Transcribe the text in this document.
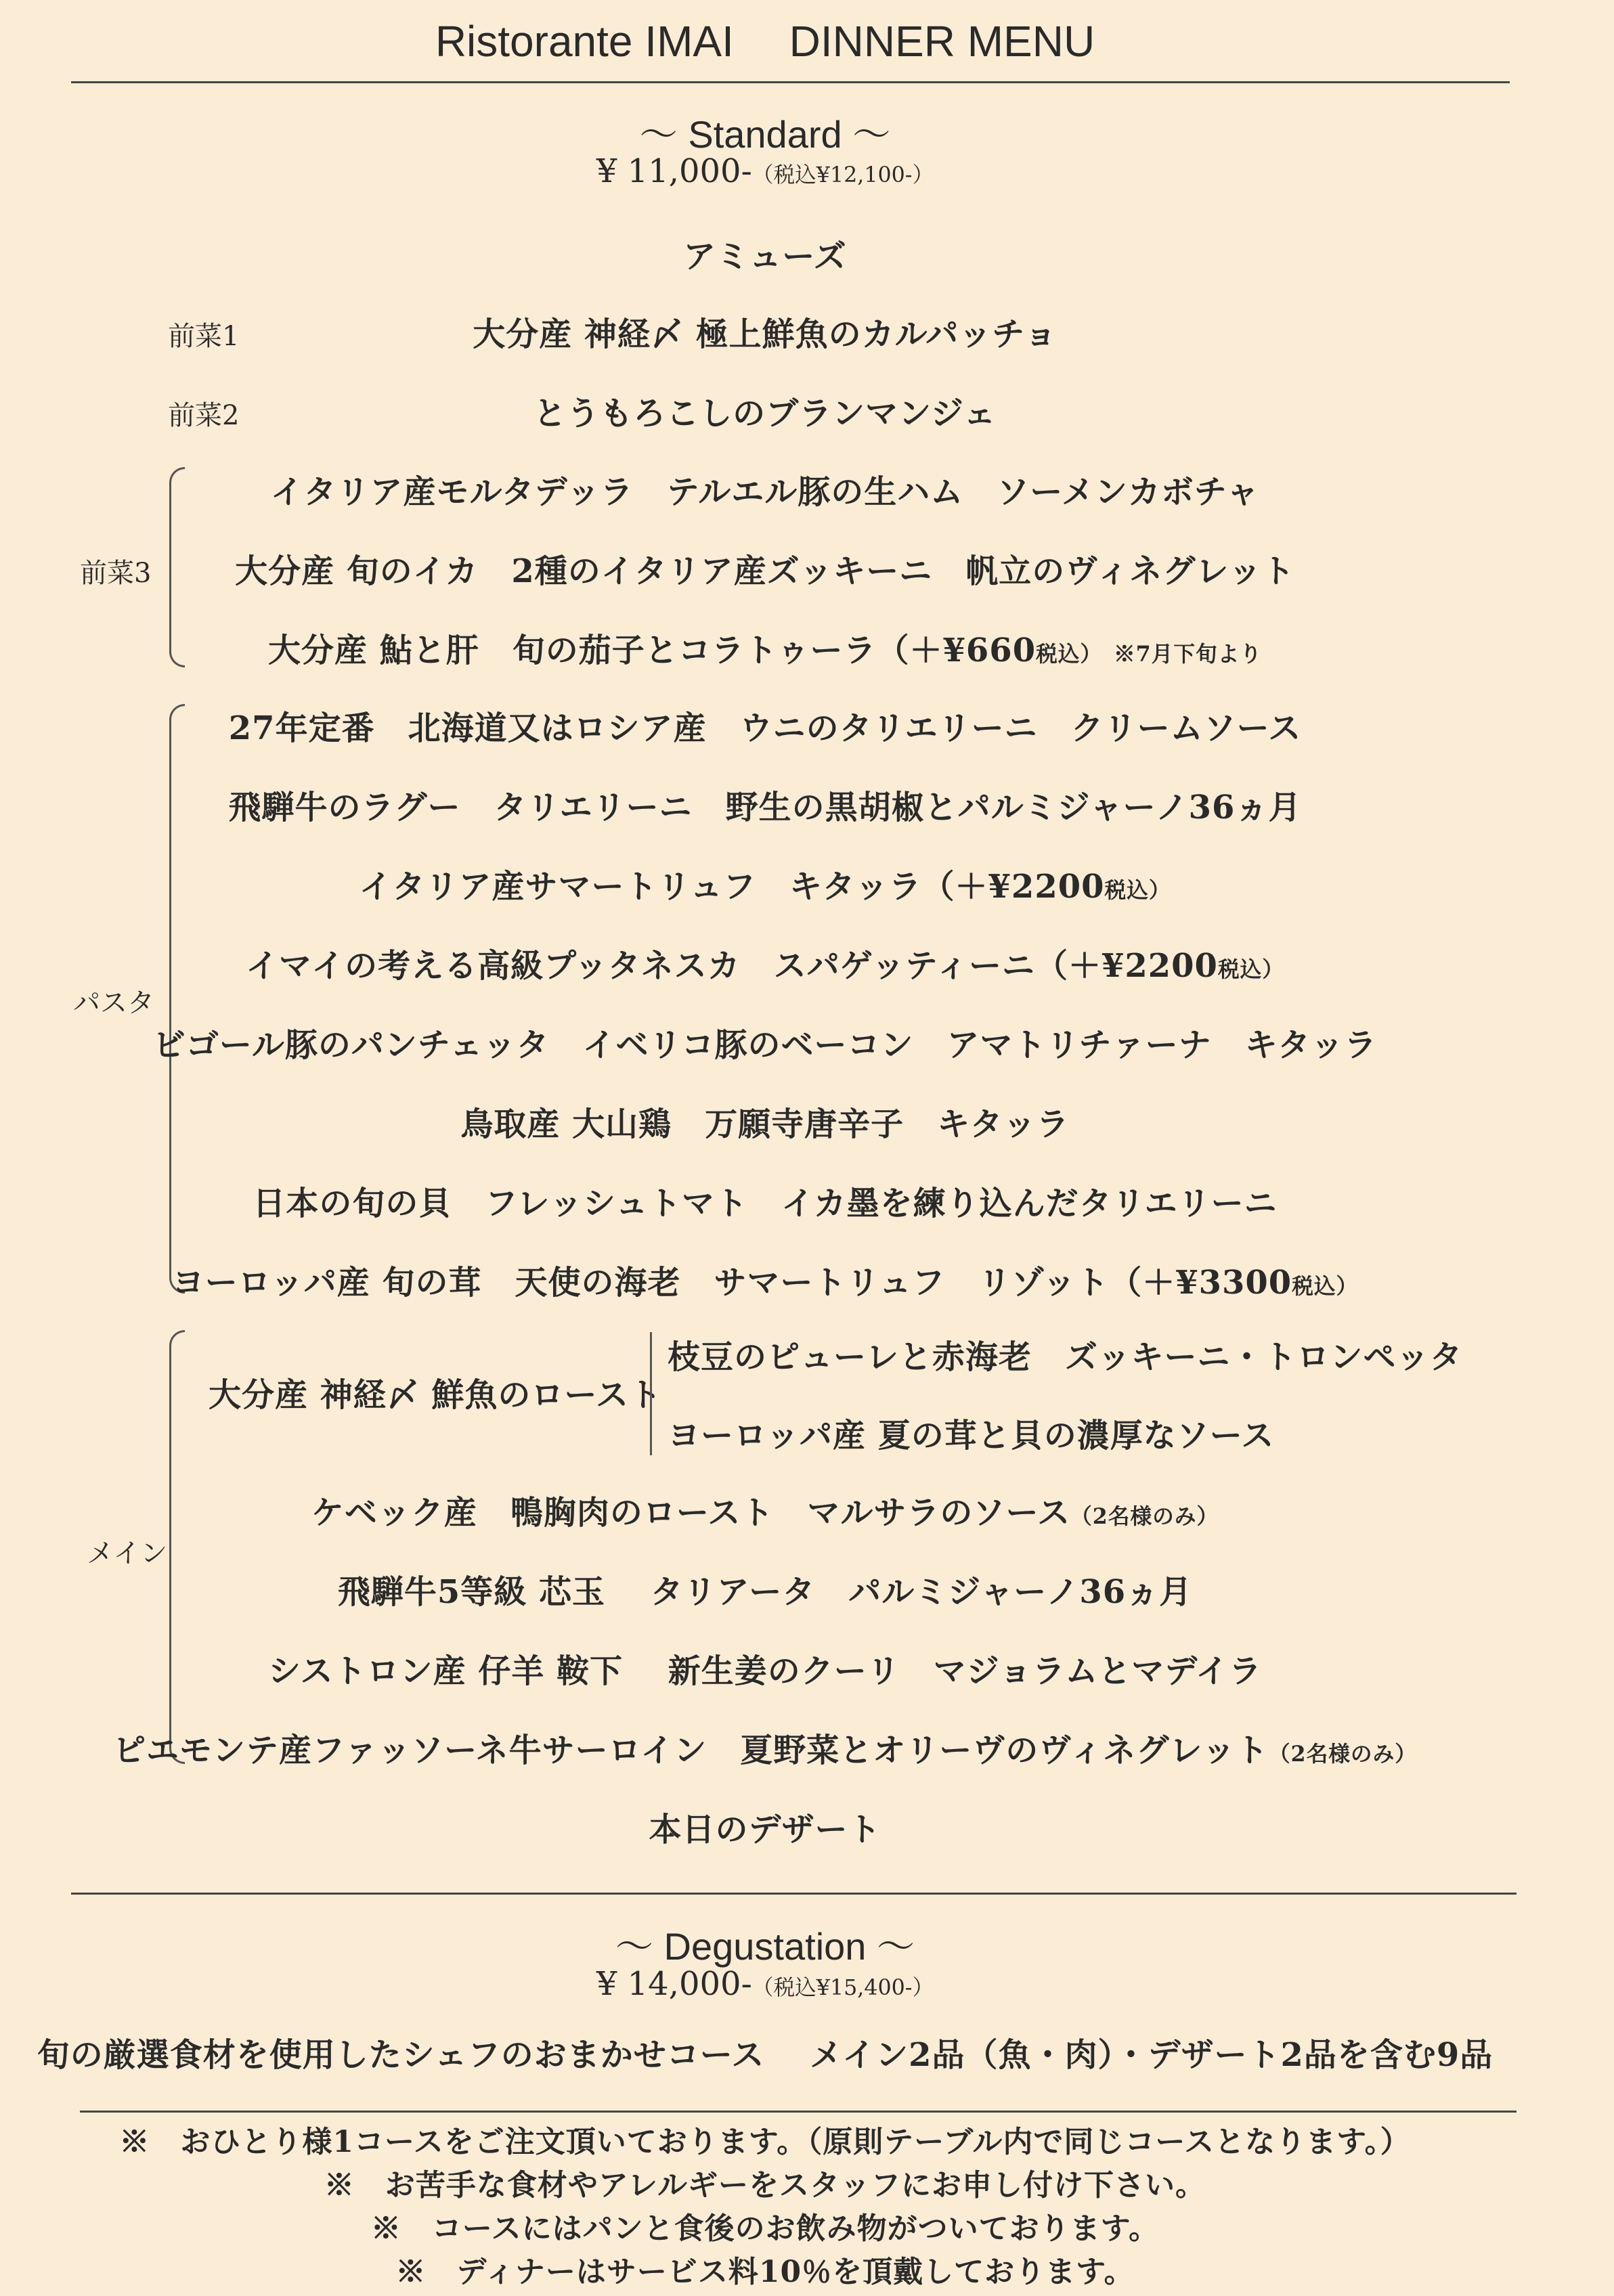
Ristorante IMAI　 DINNER MENU
～ Standard ～
¥ 11,000-（税込¥12,100-）
アミューズ
前菜1	大分産 神経〆 極上鮮魚のカルパッチョ
前菜2	とうもろこしのブランマンジェ
前菜3
イタリア産モルタデッラ　テルエル豚の生ハム　ソーメンカボチャ
大分産 旬のイカ　2種のイタリア産ズッキーニ　帆立のヴィネグレット
大分産 鮎と肝　旬の茄子とコラトゥーラ（＋¥660税込）　※7月下旬より
パスタ
27年定番　北海道又はロシア産　ウニのタリエリーニ　クリームソース
飛騨牛のラグー　タリエリーニ　野生の黒胡椒とパルミジャーノ36ヵ月
イタリア産サマートリュフ　キタッラ（＋¥2200税込）
イマイの考える高級プッタネスカ　スパゲッティーニ（＋¥2200税込）
ビゴール豚のパンチェッタ　イベリコ豚のベーコン　アマトリチァーナ　キタッラ
鳥取産 大山鶏　万願寺唐辛子　キタッラ
日本の旬の貝　フレッシュトマト　イカ墨を練り込んだタリエリーニ
ヨーロッパ産 旬の茸　天使の海老　サマートリュフ　リゾット（＋¥3300税込）
メイン
大分産 神経〆 鮮魚のロースト
枝豆のピューレと赤海老　ズッキーニ・トロンペッタ
ヨーロッパ産 夏の茸と貝の濃厚なソース
ケベック産　鴨胸肉のロースト　マルサラのソース（2名様のみ）
飛騨牛5等級 芯玉　 タリアータ　パルミジャーノ36ヵ月
シストロン産 仔羊 鞍下　 新生姜のクーリ　マジョラムとマデイラ
ピエモンテ産ファッソーネ牛サーロイン　夏野菜とオリーヴのヴィネグレット（2名様のみ）
本日のデザート
～ Degustation ～
¥ 14,000-（税込¥15,400-）
旬の厳選食材を使用したシェフのおまかせコース　 メイン2品（魚・肉）・デザート2品を含む9品
※　おひとり様1コースをご注文頂いております。（原則テーブル内で同じコースとなります。）
※　お苦手な食材やアレルギーをスタッフにお申し付け下さい。
※　コースにはパンと食後のお飲み物がついております。
※　ディナーはサービス料10％を頂戴しております。
